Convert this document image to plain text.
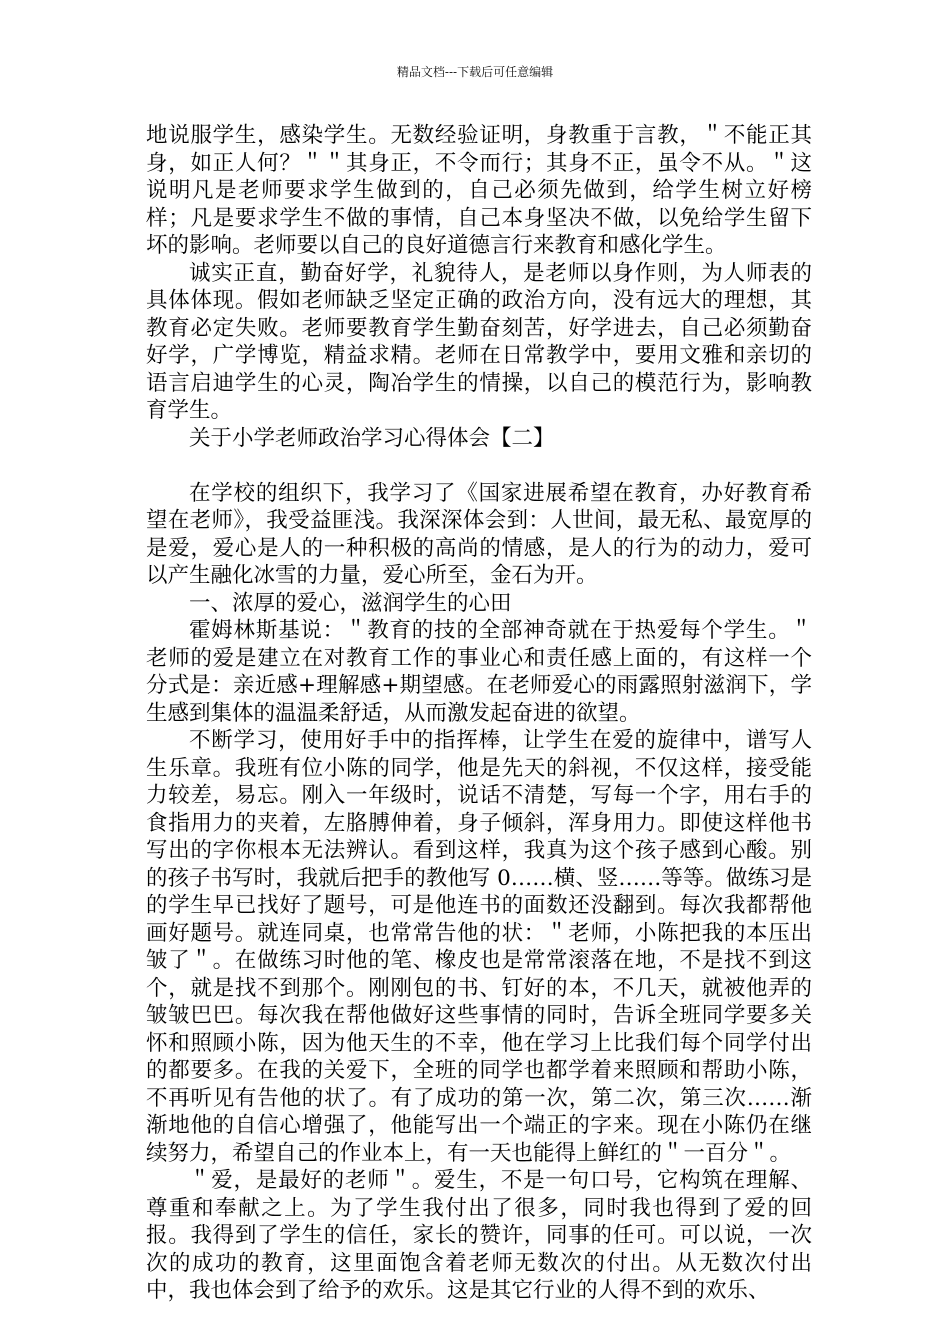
精品文档---下载后可任意编辑

地说服学生，感染学生。无数经验证明，身教重于言教，＂不能正其身，如正人何？＂＂其身正，不令而行；其身不正，虽令不从。＂这说明凡是老师要求学生做到的，自己必须先做到，给学生树立好榜样；凡是要求学生不做的事情，自己本身坚决不做，以免给学生留下坏的影响。老师要以自己的良好道德言行来教育和感化学生。

诚实正直，勤奋好学，礼貌待人，是老师以身作则，为人师表的具体体现。假如老师缺乏坚定正确的政治方向，没有远大的理想，其教育必定失败。老师要教育学生勤奋刻苦，好学进去，自己必须勤奋好学，广学博览，精益求精。老师在日常教学中，要用文雅和亲切的语言启迪学生的心灵，陶冶学生的情操，以自己的模范行为，影响教育学生。

关于小学老师政治学习心得体会【二】

在学校的组织下，我学习了《国家进展希望在教育，办好教育希望在老师》，我受益匪浅。我深深体会到：人世间，最无私、最宽厚的是爱，爱心是人的一种积极的高尚的情感，是人的行为的动力，爱可以产生融化冰雪的力量，爱心所至，金石为开。

一、浓厚的爱心，滋润学生的心田

霍姆林斯基说：＂教育的技的全部神奇就在于热爱每个学生。＂老师的爱是建立在对教育工作的事业心和责任感上面的，有这样一个分式是：亲近感+理解感+期望感。在老师爱心的雨露照射滋润下，学生感到集体的温温柔舒适，从而激发起奋进的欲望。

不断学习，使用好手中的指挥棒，让学生在爱的旋律中，谱写人生乐章。我班有位小陈的同学，他是先天的斜视，不仅这样，接受能力较差，易忘。刚入一年级时，说话不清楚，写每一个字，用右手的食指用力的夹着，左胳膊伸着，身子倾斜，浑身用力。即使这样他书写出的字你根本无法辨认。看到这样，我真为这个孩子感到心酸。别的孩子书写时，我就后把手的教他写 0……横、竖……等等。做练习是的学生早已找好了题号，可是他连书的面数还没翻到。每次我都帮他画好题号。就连同桌，也常常告他的状：＂老师，小陈把我的本压出皱了＂。在做练习时他的笔、橡皮也是常常滚落在地，不是找不到这个，就是找不到那个。刚刚包的书、钉好的本，不几天，就被他弄的皱皱巴巴。每次我在帮他做好这些事情的同时，告诉全班同学要多关怀和照顾小陈，因为他天生的不幸，他在学习上比我们每个同学付出的都要多。在我的关爱下，全班的同学也都学着来照顾和帮助小陈，不再听见有告他的状了。有了成功的第一次，第二次，第三次……渐渐地他的自信心增强了，他能写出一个端正的字来。现在小陈仍在继续努力，希望自己的作业本上，有一天也能得上鲜红的＂一百分＂。

＂爱，是最好的老师＂。爱生，不是一句口号，它构筑在理解、尊重和奉献之上。为了学生我付出了很多，同时我也得到了爱的回报。我得到了学生的信任，家长的赞许，同事的任可。可以说，一次次的成功的教育，这里面饱含着老师无数次的付出。从无数次付出中，我也体会到了给予的欢乐。这是其它行业的人得不到的欢乐、
